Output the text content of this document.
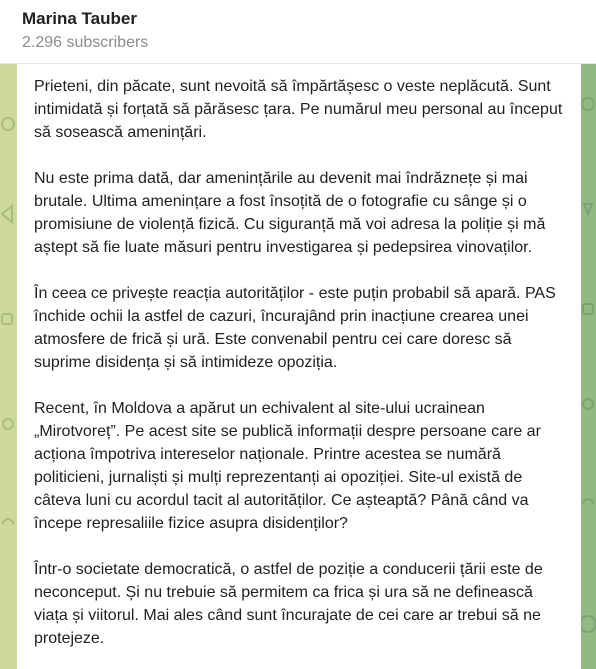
Marina Tauber
2.296 subscribers

Prieteni, din păcate, sunt nevoită să împărtășesc o veste neplăcută. Sunt intimidată și forțată să părăsesc țara. Pe numărul meu personal au început să sosească amenințări.

Nu este prima dată, dar amenințările au devenit mai îndrăznețe și mai brutale. Ultima amenințare a fost însoțită de o fotografie cu sânge și o promisiune de violență fizică. Cu siguranță mă voi adresa la poliție și mă aștept să fie luate măsuri pentru investigarea și pedepsirea vinovaților.

În ceea ce privește reacția autorităților - este puțin probabil să apară. PAS închide ochii la astfel de cazuri, încurajând prin inacțiune crearea unei atmosfere de frică și ură. Este convenabil pentru cei care doresc să suprime disidența și să intimideze opoziția.

Recent, în Moldova a apărut un echivalent al site-ului ucrainean „Mirotvoreț”. Pe acest site se publică informații despre persoane care ar acționa împotriva intereselor naționale. Printre acestea se numără politicieni, jurnaliști și mulți reprezentanți ai opoziției. Site-ul există de câteva luni cu acordul tacit al autorităților. Ce așteaptă? Până când va începe represaliile fizice asupra disidenților?

Într-o societate democratică, o astfel de poziție a conducerii țării este de neconceput. Și nu trebuie să permitem ca frica și ura să ne definească viața și viitorul. Mai ales când sunt încurajate de cei care ar trebui să ne protejeze.
